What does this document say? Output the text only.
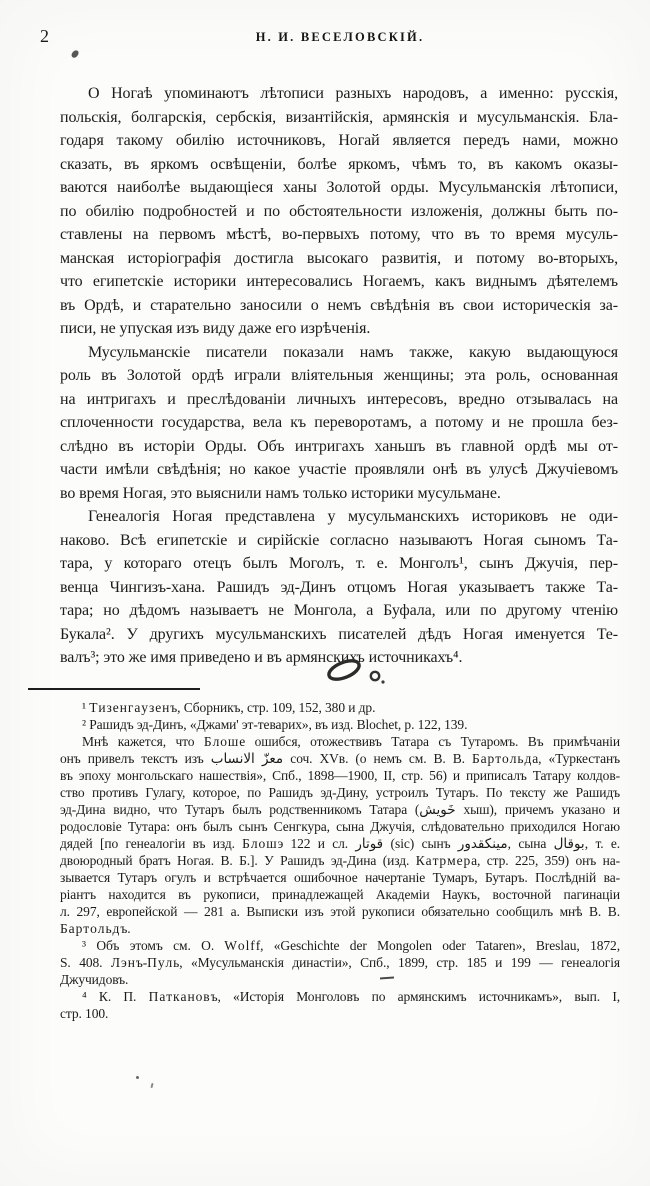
2	Н. И. ВЕСЕЛОВСКІЙ.
О Ногаѣ упоминаютъ лѣтописи разныхъ народовъ, а именно: русскія,
польскія, болгарскія, сербскія, византійскія, армянскія и мусульманскія. Бла-
годаря такому обилію источниковъ, Ногай является передъ нами, можно
сказать, въ яркомъ освѣщеніи, болѣе яркомъ, чѣмъ то, въ какомъ оказы-
ваются наиболѣе выдающіеся ханы Золотой орды. Мусульманскія лѣтописи,
по обилію подробностей и по обстоятельности изложенія, должны быть по-
ставлены на первомъ мѣстѣ, во-первыхъ потому, что въ то время мусуль-
манская исторіографія достигла высокаго развитія, и потому во-вторыхъ,
что египетскіе историки интересовались Ногаемъ, какъ виднымъ дѣятелемъ
въ Ордѣ, и старательно заносили о немъ свѣдѣнія въ свои историческія за-
писи, не упуская изъ виду даже его изрѣченія.
Мусульманскіе писатели показали намъ также, какую выдающуюся
роль въ Золотой ордѣ играли вліятельныя женщины; эта роль, основанная
на интригахъ и преслѣдованіи личныхъ интересовъ, вредно отзывалась на
сплоченности государства, вела къ переворотамъ, а потому и не прошла без-
слѣдно въ исторіи Орды. Объ интригахъ ханьшъ въ главной ордѣ мы от-
части имѣли свѣдѣнія; но какое участіе проявляли онѣ въ улусѣ Джучіевомъ
во время Ногая, это выяснили намъ только историки мусульмане.
Генеалогія Ногая представлена у мусульманскихъ историковъ не оди-
наково. Всѣ египетскіе и сирійскіе согласно называютъ Ногая сыномъ Та-
тара, у котораго отецъ былъ Моголъ, т. е. Монголъ¹, сынъ Джучія, пер-
венца Чингизъ-хана. Рашидъ эд-Динъ отцомъ Ногая указываетъ также Та-
тара; но дѣдомъ называетъ не Монгола, а Буфала, или по другому чтенію
Букала². У другихъ мусульманскихъ писателей дѣдъ Ногая именуется Те-
валъ³; это же имя приведено и въ армянскихъ источникахъ⁴.
¹ Т и з е н г а у з е н ъ, Сборникъ, стр. 109, 152, 380 и др.
² Рашидъ эд-Динъ, «Джами' эт-теварих», въ изд. Blochet, p. 122, 139.
Мнѣ кажется, что Б л о ш е ошибся, отожествивъ Татара съ Тутаромъ. Въ примѣчаніи
онъ привелъ текстъ изъ معزّ الانساب соч. XVв. (о немъ см. В. В. Б а р т о л ь д а, «Туркестанъ
въ эпоху монгольскаго нашествія», Спб., 1898—1900, II, стр. 56) и приписалъ Татару колдов-
ство противъ Гулагу, которое, по Рашидъ эд-Дину, устроилъ Тутаръ. По тексту же Рашидъ
эд-Дина видно, что Тутаръ былъ родственникомъ Татара (خَويش хыш), причемъ указано и
родословіе Тутара: онъ былъ сынъ Сенгкура, сына Джучія, слѣдовательно приходился Ногаю
дядей [по генеалогіи въ изд. Б л о ш э 122 и сл. قوتار (sic) сынъ مينكقدور, сына بوقال, т. е.
двоюродный братъ Ногая. В. Б.]. У Рашидъ эд-Дина (изд. К а т р м е р а, стр. 225, 359) онъ на-
зывается Тутаръ огулъ и встрѣчается ошибочное начертаніе Тумаръ, Бутаръ. Послѣдній ва-
ріантъ находится въ рукописи, принадлежащей Академіи Наукъ, восточной пагинаціи
л. 297, европейской — 281 а. Выписки изъ этой рукописи обязательно сообщилъ мнѣ В. В.
Б а р т о л ь д ъ.
³ Объ этомъ см. O. W o l f f, «Geschichte der Mongolen oder Tataren», Breslau, 1872,
S. 408. Л э н ъ-П у л ь, «Мусульманскія династіи», Спб., 1899, стр. 185 и 199 — генеалогія
Джучидовъ.
⁴ К. П. П а т к а н о в ъ, «Исторія Монголовъ по армянскимъ источникамъ», вып. I,
стр. 100.
